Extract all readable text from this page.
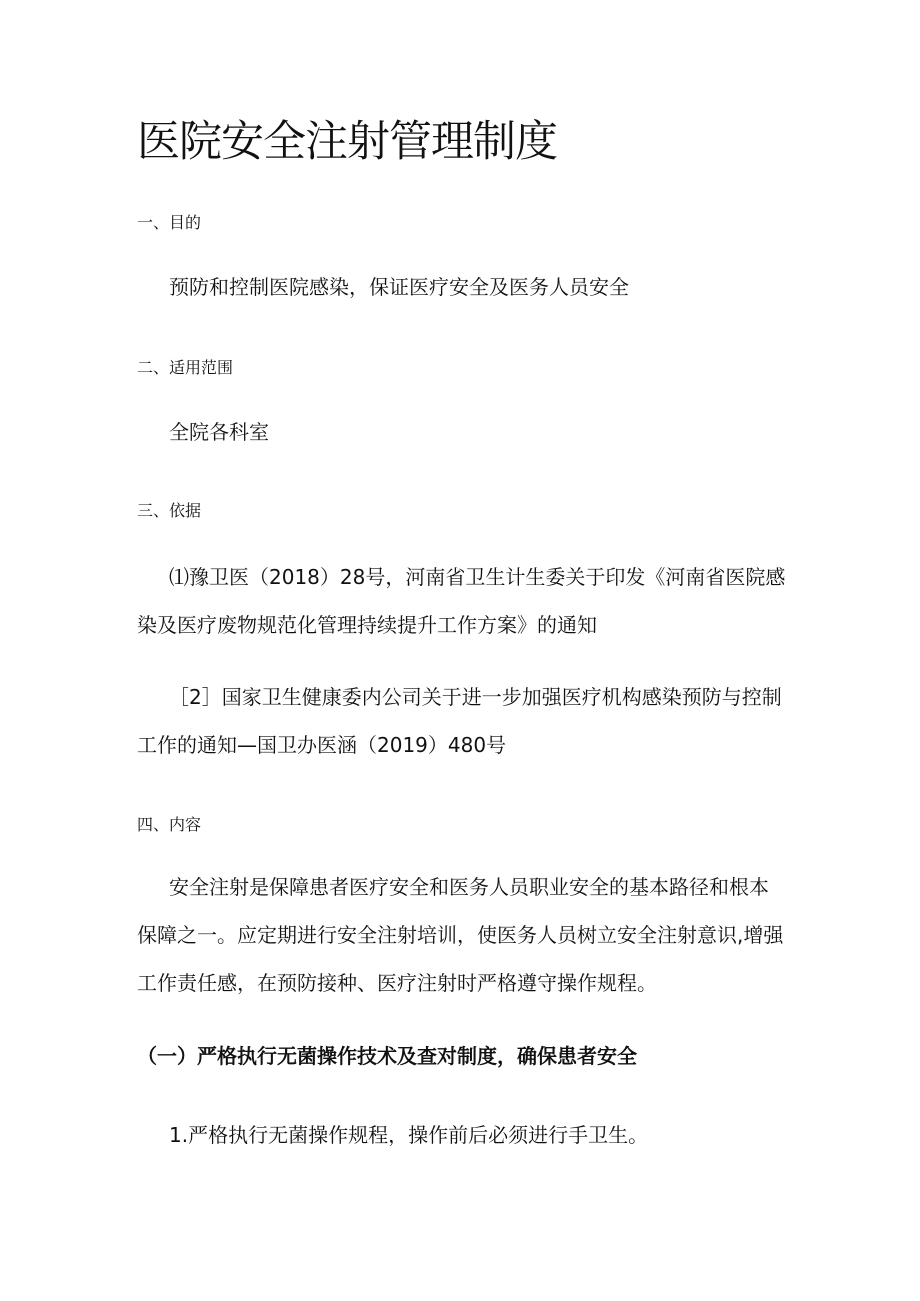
医院安全注射管理制度
一、目的

预防和控制医院感染，保证医疗安全及医务人员安全

二、适用范围

全院各科室

三、依据
⑴豫卫医（2018）28号，河南省卫生计生委关于印发《河南省医院感
染及医疗废物规范化管理持续提升工作方案》的通知
［2］国家卫生健康委内公司关于进一步加强医疗机构感染预防与控制
工作的通知—国卫办医涵（2019）480号
四、内容
安全注射是保障患者医疗安全和医务人员职业安全的基本路径和根本
保障之一。应定期进行安全注射培训，使医务人员树立安全注射意识,增强
工作责任感，在预防接种、医疗注射时严格遵守操作规程。
（一）严格执行无菌操作技术及查对制度，确保患者安全

1.严格执行无菌操作规程，操作前后必须进行手卫生。
